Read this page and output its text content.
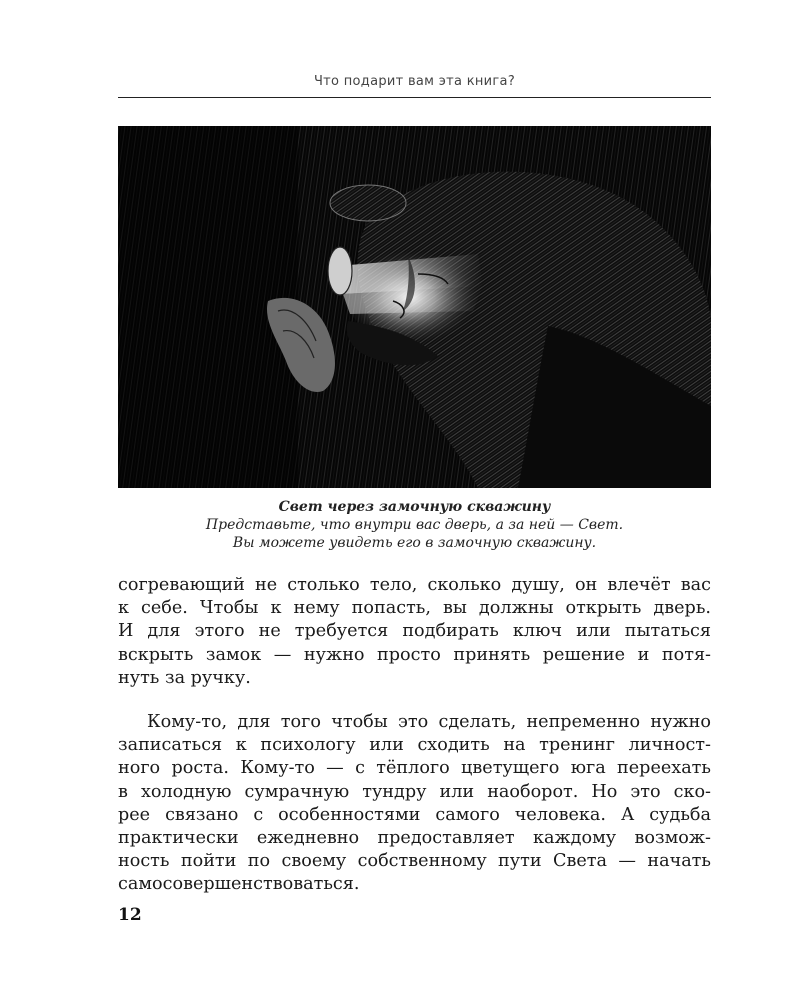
Что подарит вам эта книга?
Свет через замочную скважину
Представьте, что внутри вас дверь, а за ней — Свет.
Вы можете увидеть его в замочную скважину.
согревающий не столько тело, сколько душу, он влечёт вас
к себе. Чтобы к нему попасть, вы должны открыть дверь.
И для этого не требуется подбирать ключ или пытаться
вскрыть замок — нужно просто принять решение и потя-
нуть за ручку.
Кому-то, для того чтобы это сделать, непременно нужно
записаться к психологу или сходить на тренинг личност-
ного роста. Кому-то — с тёплого цветущего юга переехать
в холодную сумрачную тундру или наоборот. Но это ско-
рее связано с особенностями самого человека. А судьба
практически ежедневно предоставляет каждому возмож-
ность пойти по своему собственному пути Света — начать
самосовершенствоваться.
12
